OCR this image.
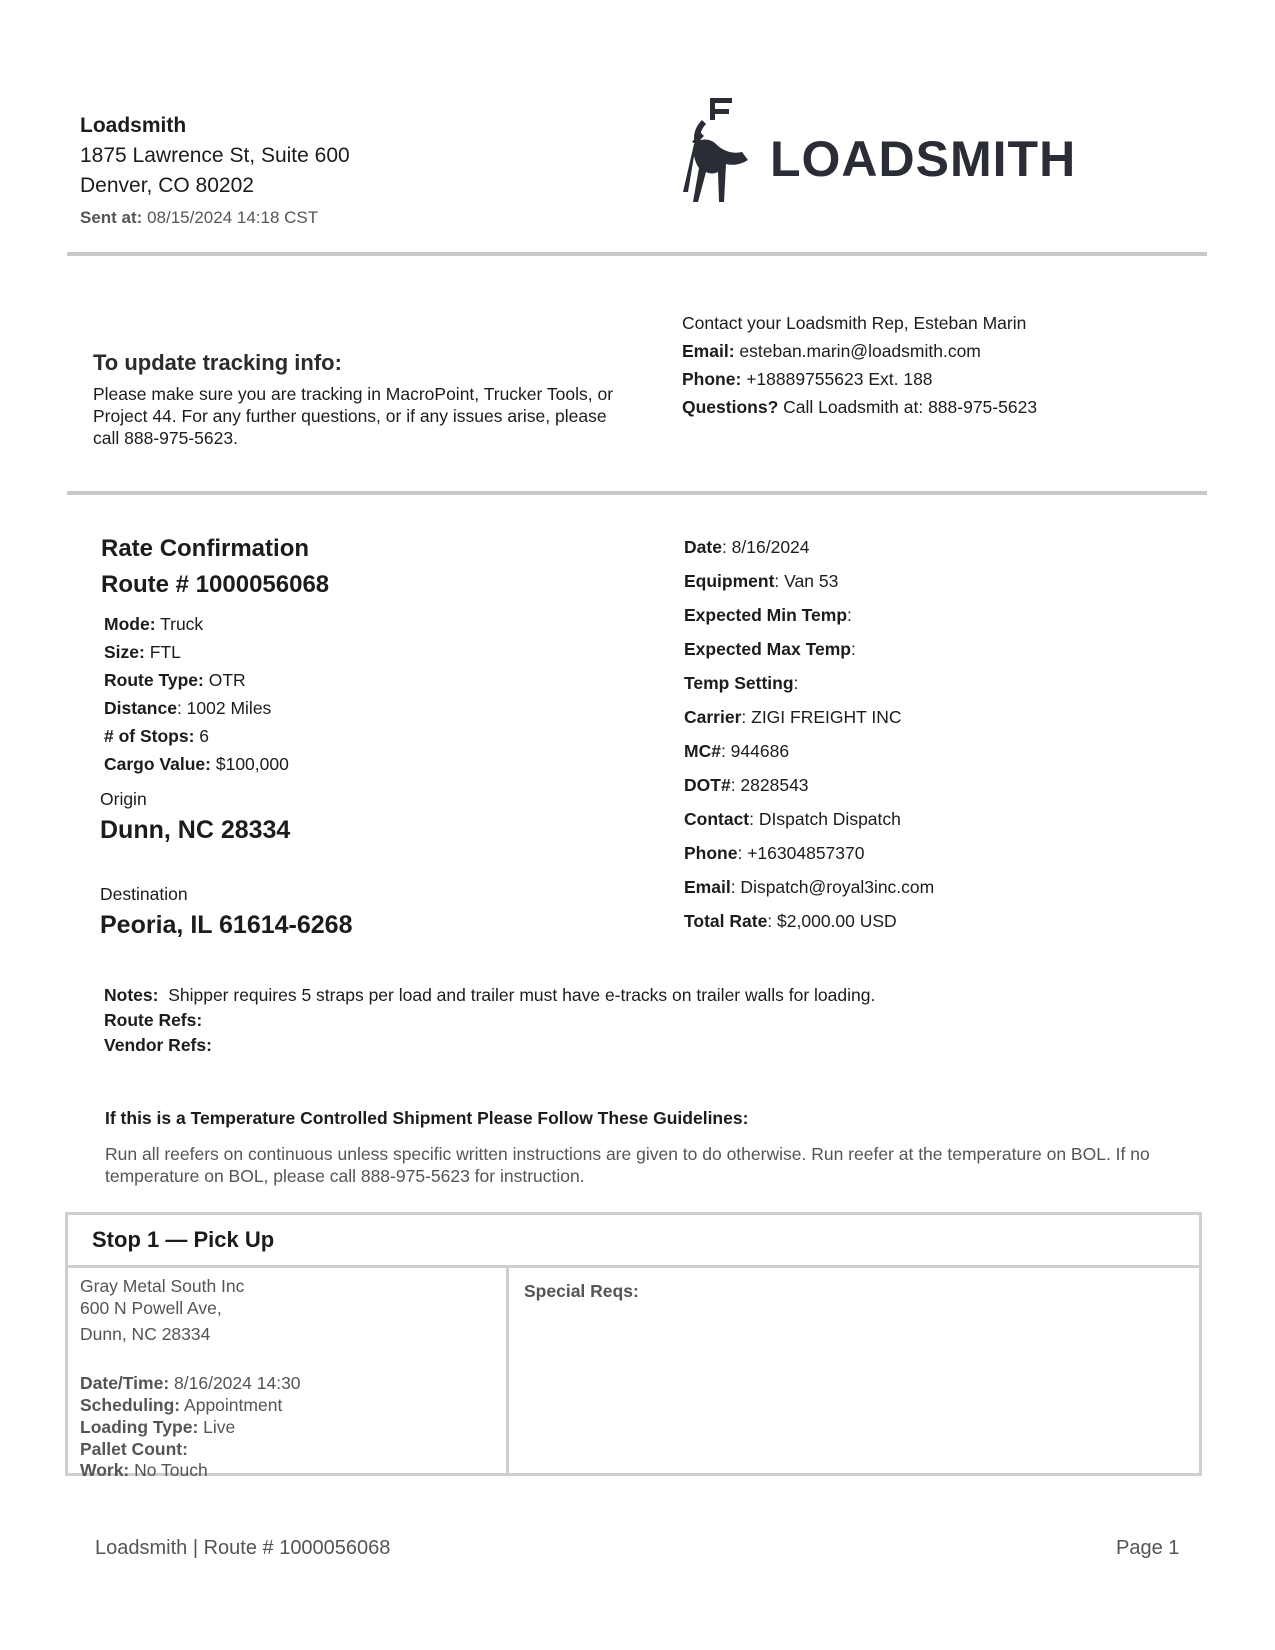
Loadsmith
1875 Lawrence St, Suite 600
Denver, CO 80202
Sent at: 08/15/2024 14:18 CST
LOADSMITH
To update tracking info:
Please make sure you are tracking in MacroPoint, Trucker Tools, or Project 44. For any further questions, or if any issues arise, please call 888-975-5623.
Contact your Loadsmith Rep, Esteban Marin
Email: esteban.marin@loadsmith.com
Phone: +18889755623 Ext. 188
Questions? Call Loadsmith at: 888-975-5623
Rate Confirmation
Route # 1000056068
Mode: Truck
Size: FTL
Route Type: OTR
Distance: 1002 Miles
# of Stops: 6
Cargo Value: $100,000
Origin
Dunn, NC 28334
Destination
Peoria, IL 61614-6268
Date: 8/16/2024
Equipment: Van 53
Expected Min Temp:
Expected Max Temp:
Temp Setting:
Carrier: ZIGI FREIGHT INC
MC#: 944686
DOT#: 2828543
Contact: DIspatch Dispatch
Phone: +16304857370
Email: Dispatch@royal3inc.com
Total Rate: $2,000.00 USD
Notes: Shipper requires 5 straps per load and trailer must have e-tracks on trailer walls for loading.
Route Refs:
Vendor Refs:
If this is a Temperature Controlled Shipment Please Follow These Guidelines:
Run all reefers on continuous unless specific written instructions are given to do otherwise. Run reefer at the temperature on BOL. If no temperature on BOL, please call 888-975-5623 for instruction.
Stop 1 — Pick Up
Gray Metal South Inc
600 N Powell Ave,
Dunn, NC 28334
Date/Time: 8/16/2024 14:30
Scheduling: Appointment
Loading Type: Live
Pallet Count:
Work: No Touch
Special Reqs:
Loadsmith | Route # 1000056068	Page 1
